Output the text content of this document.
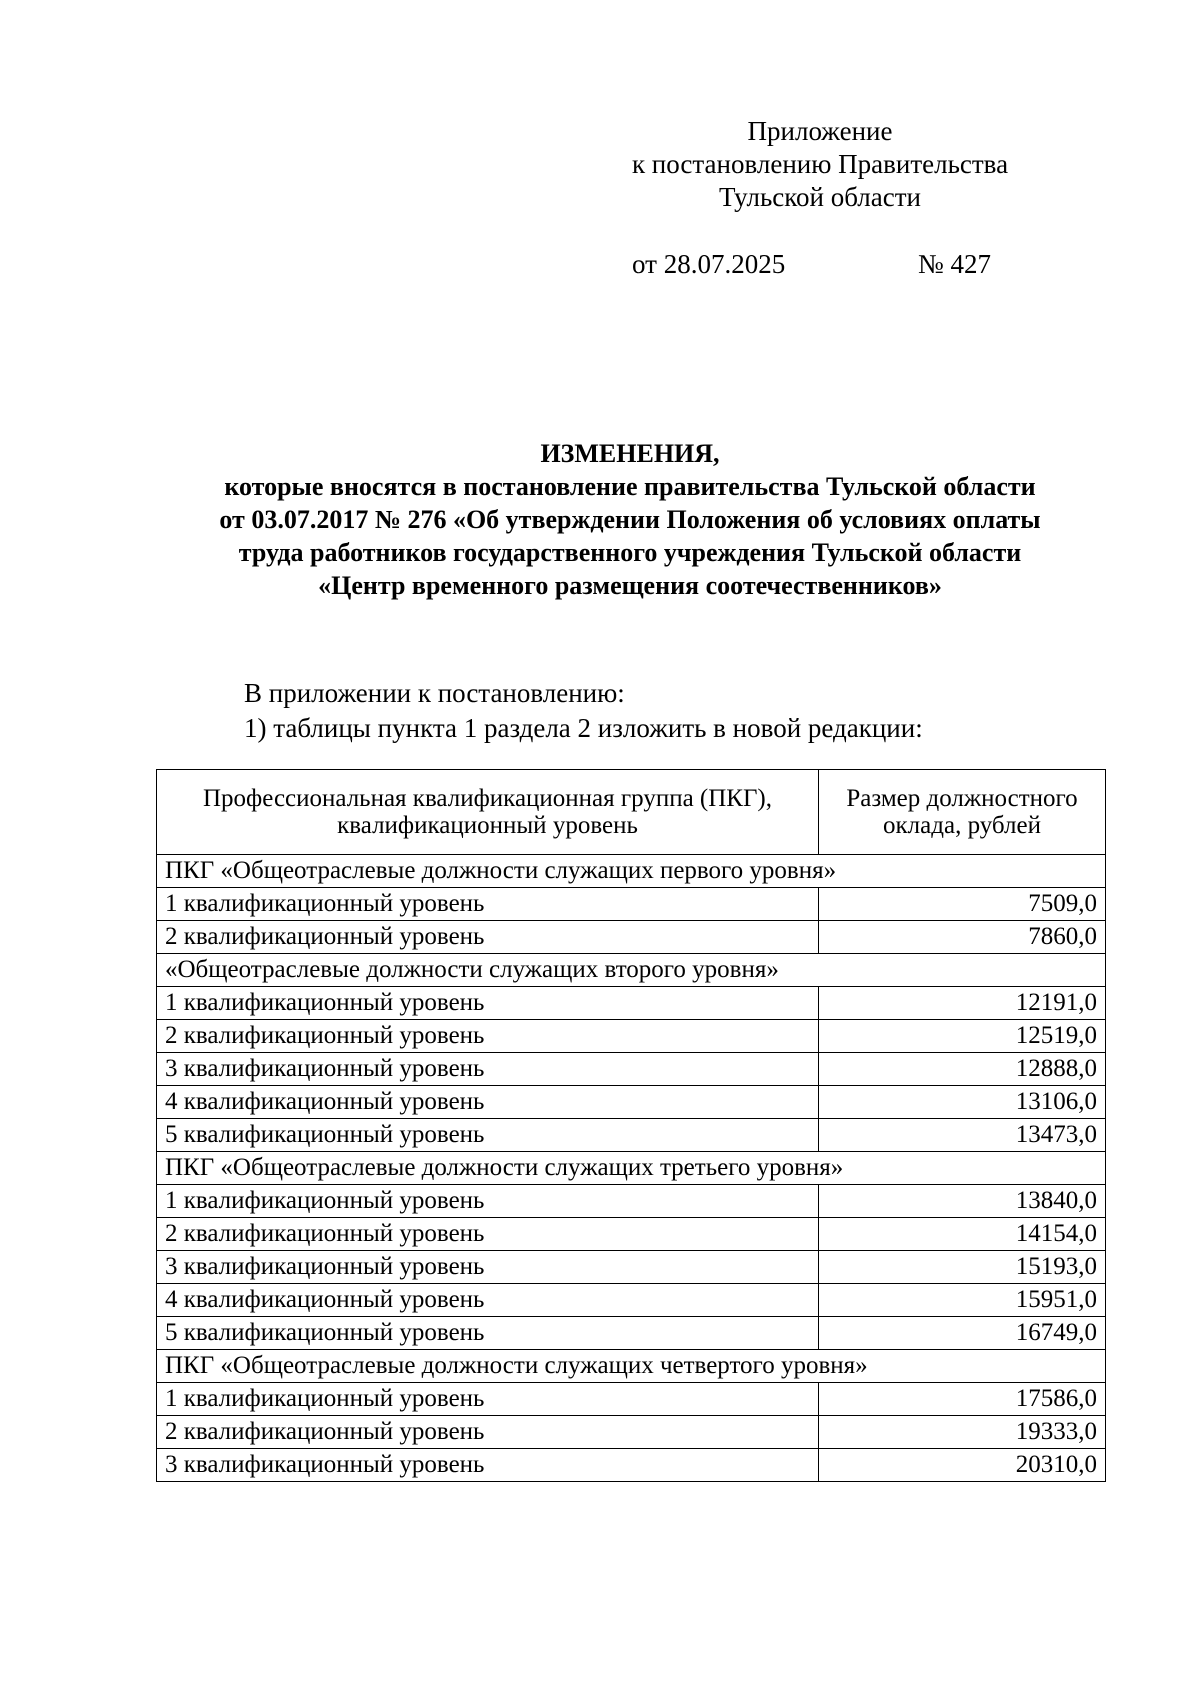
Приложение
к постановлению Правительства
Тульской области
от 28.07.2025	№ 427
ИЗМЕНЕНИЯ,
которые вносятся в постановление правительства Тульской области
от 03.07.2017 № 276 «Об утверждении Положения об условиях оплаты
труда работников государственного учреждения Тульской области
«Центр временного размещения соотечественников»
В приложении к постановлению:
1) таблицы пункта 1 раздела 2 изложить в новой редакции:
Профессиональная квалификационная группа (ПКГ), квалификационный уровень	Размер должностного оклада, рублей
ПКГ «Общеотраслевые должности служащих первого уровня»	
1 квалификационный уровень	7509,0
2 квалификационный уровень	7860,0
«Общеотраслевые должности служащих второго уровня»	
1 квалификационный уровень	12191,0
2 квалификационный уровень	12519,0
3 квалификационный уровень	12888,0
4 квалификационный уровень	13106,0
5 квалификационный уровень	13473,0
ПКГ «Общеотраслевые должности служащих третьего уровня»	
1 квалификационный уровень	13840,0
2 квалификационный уровень	14154,0
3 квалификационный уровень	15193,0
4 квалификационный уровень	15951,0
5 квалификационный уровень	16749,0
ПКГ «Общеотраслевые должности служащих четвертого уровня»	
1 квалификационный уровень	17586,0
2 квалификационный уровень	19333,0
3 квалификационный уровень	20310,0
